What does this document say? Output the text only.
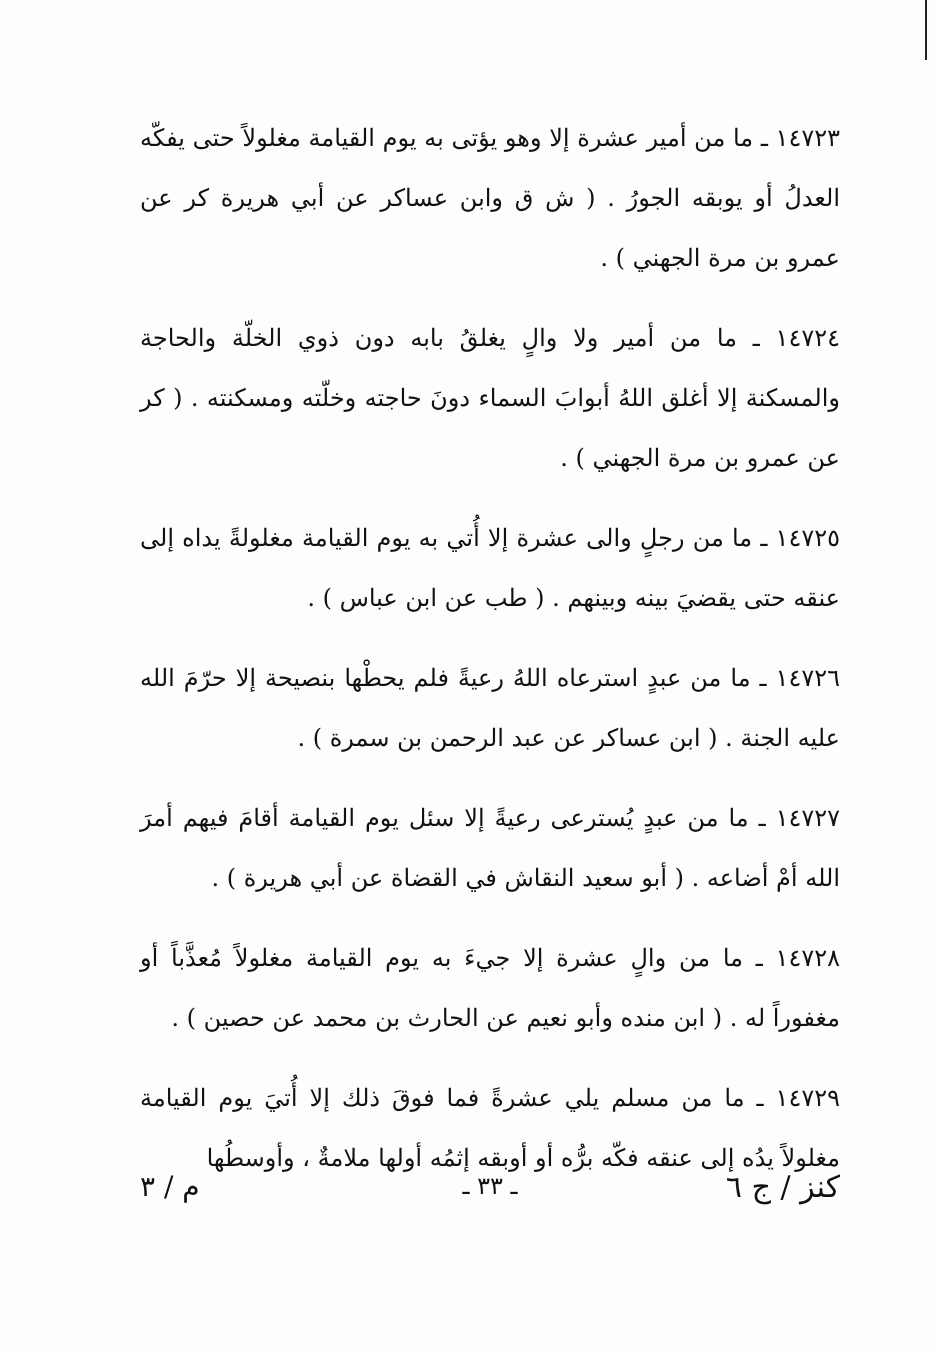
١٤٧٢٣ ـ ما من أمير عشرة إلا وهو يؤتى به يوم القيامة مغلولاً حتى يفكّه العدلُ أو يوبقه الجورُ . ( ش ق وابن عساكر عن أبي هريرة كر عن عمرو بن مرة الجهني ) .

١٤٧٢٤ ـ ما من أمير ولا والٍ يغلقُ بابه دون ذوي الخلّة والحاجة والمسكنة إلا أغلق اللهُ أبوابَ السماء دونَ حاجته وخلّته ومسكنته . ( كر عن عمرو بن مرة الجهني ) .

١٤٧٢٥ ـ ما من رجلٍ والى عشرة إلا أُتي به يوم القيامة مغلولةً يداه إلى عنقه حتى يقضيَ بينه وبينهم . ( طب عن ابن عباس ) .

١٤٧٢٦ ـ ما من عبدٍ استرعاه اللهُ رعيةً فلم يحطْها بنصيحة إلا حرّمَ الله عليه الجنة . ( ابن عساكر عن عبد الرحمن بن سمرة ) .

١٤٧٢٧ ـ ما من عبدٍ يُسترعى رعيةً إلا سئل يوم القيامة أقامَ فيهم أمرَ الله أمْ أضاعه . ( أبو سعيد النقاش في القضاة عن أبي هريرة ) .

١٤٧٢٨ ـ ما من والٍ عشرة إلا جيءَ به يوم القيامة مغلولاً مُعذَّباً أو مغفوراً له . ( ابن منده وأبو نعيم عن الحارث بن محمد عن حصين ) .

١٤٧٢٩ ـ ما من مسلم يلي عشرةً فما فوقَ ذلك إلا أُتيَ يوم القيامة مغلولاً يدُه إلى عنقه فكّه برُّه أو أوبقه إثمُه أولها ملامةٌ ، وأوسطُها

كنز / ج ٦
ـ ٣٣ ـ
م / ٣
